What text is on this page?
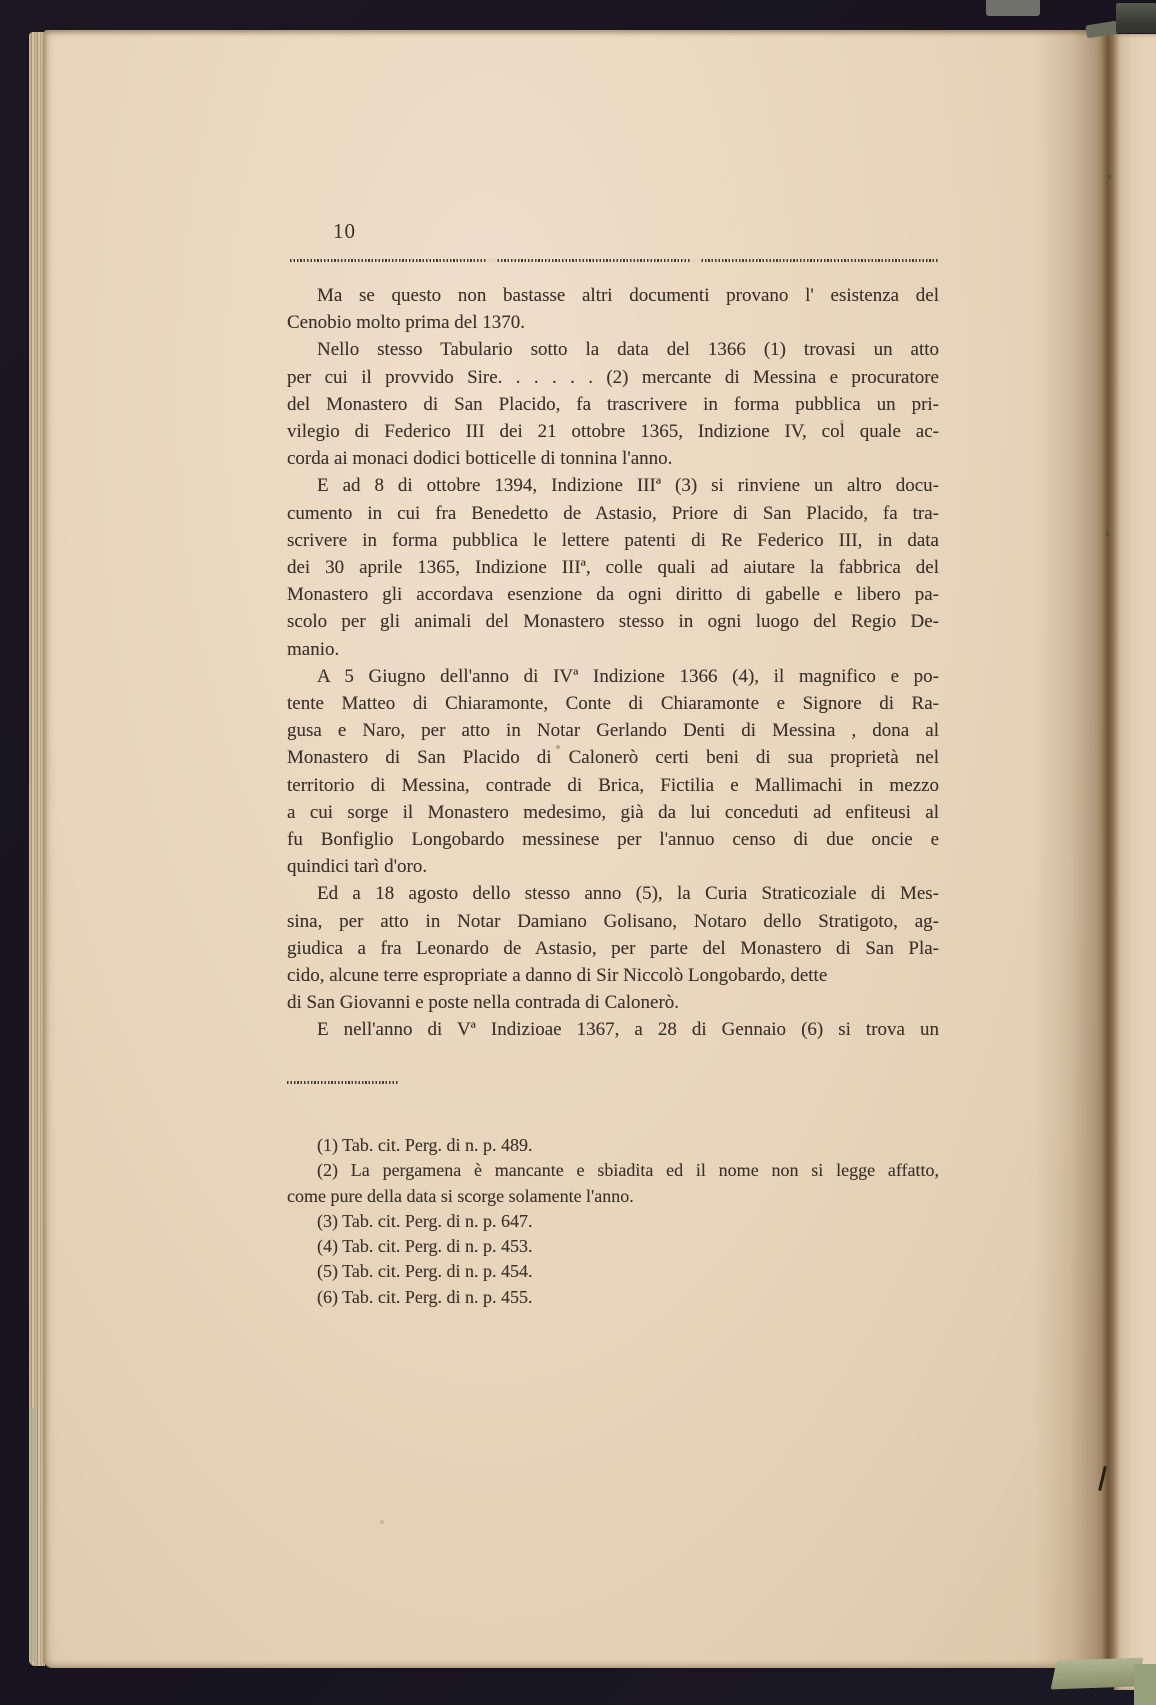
10
Ma se questo non bastasse altri documenti provano l' esistenza del
Cenobio molto prima del 1370.
Nello stesso Tabulario sotto la data del 1366 (1) trovasi un atto
per cui il provvido Sire. . . . . . (2) mercante di Messina e procuratore
del Monastero di San Placido, fa trascrivere in forma pubblica un pri-
vilegio di Federico III dei 21 ottobre 1365, Indizione IV, col quale ac-
corda ai monaci dodici botticelle di tonnina l'anno.
E ad 8 di ottobre 1394, Indizione IIIª (3) si rinviene un altro docu-
cumento in cui fra Benedetto de Astasio, Priore di San Placido, fa tra-
scrivere in forma pubblica le lettere patenti di Re Federico III, in data
dei 30 aprile 1365, Indizione IIIª, colle quali ad aiutare la fabbrica del
Monastero gli accordava esenzione da ogni diritto di gabelle e libero pa-
scolo per gli animali del Monastero stesso in ogni luogo del Regio De-
manio.
A 5 Giugno dell'anno di IVª Indizione 1366 (4), il magnifico e po-
tente Matteo di Chiaramonte, Conte di Chiaramonte e Signore di Ra-
gusa e Naro, per atto in Notar Gerlando Denti di Messina , dona al
Monastero di San Placido di Calonerò certi beni di sua proprietà nel
territorio di Messina, contrade di Brica, Fictilia e Mallimachi in mezzo
a cui sorge il Monastero medesimo, già da lui conceduti ad enfiteusi al
fu Bonfiglio Longobardo messinese per l'annuo censo di due oncie e
quindici tarì d'oro.
Ed a 18 agosto dello stesso anno (5), la Curia Straticoziale di Mes-
sina, per atto in Notar Damiano Golisano, Notaro dello Stratigoto, ag-
giudica a fra Leonardo de Astasio, per parte del Monastero di San Pla-
cido, alcune terre espropriate a danno di Sir Niccolò Longobardo, dette
di San Giovanni e poste nella contrada di Calonerò.
E nell'anno di Vª Indizioae 1367, a 28 di Gennaio (6) si trova un
(1) Tab. cit. Perg. di n. p. 489.
(2) La pergamena è mancante e sbiadita ed il nome non si legge affatto,
come pure della data si scorge solamente l'anno.
(3) Tab. cit. Perg. di n. p. 647.
(4) Tab. cit. Perg. di n. p. 453.
(5) Tab. cit. Perg. di n. p. 454.
(6) Tab. cit. Perg. di n. p. 455.
